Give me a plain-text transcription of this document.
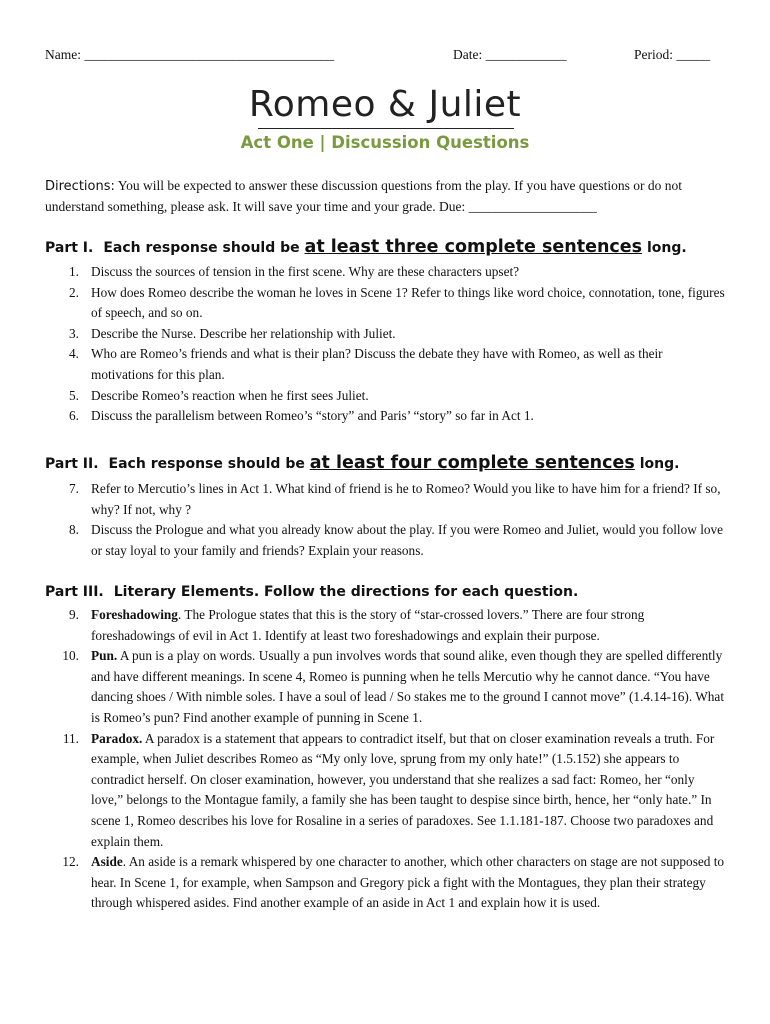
Name: _____________________________________	Date: ____________	Period: _____
Romeo & Juliet
Act One | Discussion Questions
Directions: You will be expected to answer these discussion questions from the play. If you have questions or do not understand something, please ask. It will save your time and your grade. Due: ___________________
Part I. Each response should be at least three complete sentences long.
1. Discuss the sources of tension in the first scene. Why are these characters upset?
2. How does Romeo describe the woman he loves in Scene 1? Refer to things like word choice, connotation, tone, figures of speech, and so on.
3. Describe the Nurse. Describe her relationship with Juliet.
4. Who are Romeo’s friends and what is their plan? Discuss the debate they have with Romeo, as well as their motivations for this plan.
5. Describe Romeo’s reaction when he first sees Juliet.
6. Discuss the parallelism between Romeo’s “story” and Paris’ “story” so far in Act 1.
Part II. Each response should be at least four complete sentences long.
7. Refer to Mercutio’s lines in Act 1. What kind of friend is he to Romeo? Would you like to have him for a friend? If so, why? If not, why ?
8. Discuss the Prologue and what you already know about the play. If you were Romeo and Juliet, would you follow love or stay loyal to your family and friends? Explain your reasons.
Part III. Literary Elements. Follow the directions for each question.
9. Foreshadowing. The Prologue states that this is the story of “star-crossed lovers.” There are four strong foreshadowings of evil in Act 1. Identify at least two foreshadowings and explain their purpose.
10. Pun. A pun is a play on words. Usually a pun involves words that sound alike, even though they are spelled differently and have different meanings. In scene 4, Romeo is punning when he tells Mercutio why he cannot dance. “You have dancing shoes / With nimble soles. I have a soul of lead / So stakes me to the ground I cannot move” (1.4.14-16). What is Romeo’s pun? Find another example of punning in Scene 1.
11. Paradox. A paradox is a statement that appears to contradict itself, but that on closer examination reveals a truth. For example, when Juliet describes Romeo as “My only love, sprung from my only hate!” (1.5.152) she appears to contradict herself. On closer examination, however, you understand that she realizes a sad fact: Romeo, her “only love,” belongs to the Montague family, a family she has been taught to despise since birth, hence, her “only hate.” In scene 1, Romeo describes his love for Rosaline in a series of paradoxes. See 1.1.181-187. Choose two paradoxes and explain them.
12. Aside. An aside is a remark whispered by one character to another, which other characters on stage are not supposed to hear. In Scene 1, for example, when Sampson and Gregory pick a fight with the Montagues, they plan their strategy through whispered asides. Find another example of an aside in Act 1 and explain how it is used.
